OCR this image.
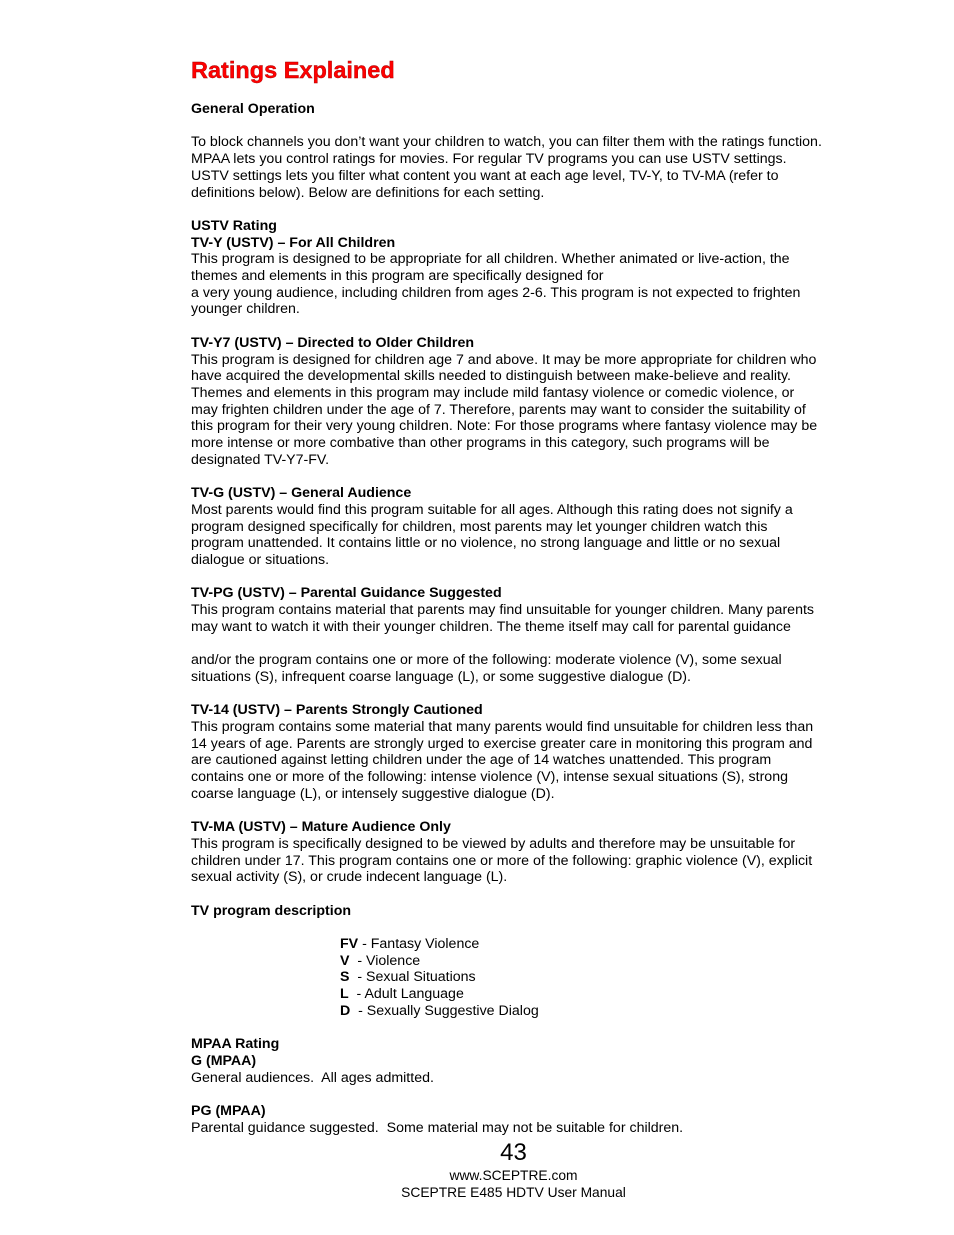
Ratings Explained

General Operation

To block channels you don’t want your children to watch, you can filter them with the ratings function.

MPAA lets you control ratings for movies. For regular TV programs you can use USTV settings.

USTV settings lets you filter what content you want at each age level, TV-Y, to TV-MA (refer to

definitions below). Below are definitions for each setting.

USTV Rating

TV-Y (USTV) – For All Children

This program is designed to be appropriate for all children. Whether animated or live-action, the

themes and elements in this program are specifically designed for

a very young audience, including children from ages 2-6. This program is not expected to frighten

younger children.

TV-Y7 (USTV) – Directed to Older Children

This program is designed for children age 7 and above. It may be more appropriate for children who

have acquired the developmental skills needed to distinguish between make-believe and reality.

Themes and elements in this program may include mild fantasy violence or comedic violence, or

may frighten children under the age of 7. Therefore, parents may want to consider the suitability of

this program for their very young children. Note: For those programs where fantasy violence may be

more intense or more combative than other programs in this category, such programs will be

designated TV-Y7-FV.

TV-G (USTV) – General Audience

Most parents would find this program suitable for all ages. Although this rating does not signify a

program designed specifically for children, most parents may let younger children watch this

program unattended. It contains little or no violence, no strong language and little or no sexual

dialogue or situations.

TV-PG (USTV) – Parental Guidance Suggested

This program contains material that parents may find unsuitable for younger children. Many parents

may want to watch it with their younger children. The theme itself may call for parental guidance

and/or the program contains one or more of the following: moderate violence (V), some sexual

situations (S), infrequent coarse language (L), or some suggestive dialogue (D).

TV-14 (USTV) – Parents Strongly Cautioned

This program contains some material that many parents would find unsuitable for children less than

14 years of age. Parents are strongly urged to exercise greater care in monitoring this program and

are cautioned against letting children under the age of 14 watches unattended. This program

contains one or more of the following: intense violence (V), intense sexual situations (S), strong

coarse language (L), or intensely suggestive dialogue (D).

TV-MA (USTV) – Mature Audience Only

This program is specifically designed to be viewed by adults and therefore may be unsuitable for

children under 17. This program contains one or more of the following: graphic violence (V), explicit

sexual activity (S), or crude indecent language (L).

TV program description

FV - Fantasy Violence

V  - Violence

S  - Sexual Situations

L  - Adult Language

D  - Sexually Suggestive Dialog

MPAA Rating

G (MPAA)

General audiences.  All ages admitted.

PG (MPAA)

Parental guidance suggested.  Some material may not be suitable for children.

43
www.SCEPTRE.com
SCEPTRE E485 HDTV User Manual
